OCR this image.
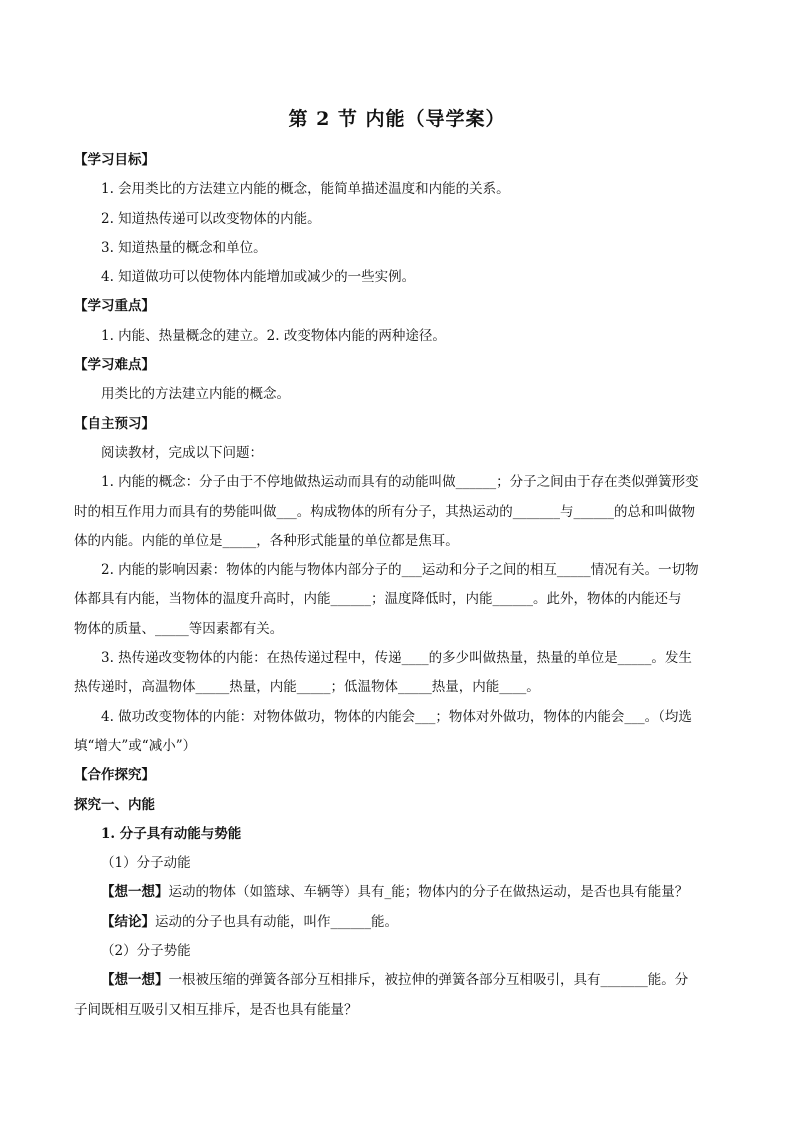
第 2 节 内能（导学案）

【学习目标】

1. 会用类比的方法建立内能的概念，能简单描述温度和内能的关系。

2. 知道热传递可以改变物体的内能。

3. 知道热量的概念和单位。

4. 知道做功可以使物体内能增加或减少的一些实例。

【学习重点】

1. 内能、热量概念的建立。2. 改变物体内能的两种途径。

【学习难点】

用类比的方法建立内能的概念。

【自主预习】

阅读教材，完成以下问题：

1. 内能的概念：分子由于不停地做热运动而具有的动能叫做______；分子之间由于存在类似弹簧形变

时的相互作用力而具有的势能叫做___。构成物体的所有分子，其热运动的_______与______的总和叫做物

体的内能。内能的单位是_____，各种形式能量的单位都是焦耳。

2. 内能的影响因素：物体的内能与物体内部分子的___运动和分子之间的相互_____情况有关。一切物

体都具有内能，当物体的温度升高时，内能______；温度降低时，内能______。此外，物体的内能还与

物体的质量、_____等因素都有关。

3. 热传递改变物体的内能：在热传递过程中，传递____的多少叫做热量，热量的单位是_____。发生

热传递时，高温物体_____热量，内能_____；低温物体_____热量，内能____。

4. 做功改变物体的内能：对物体做功，物体的内能会___；物体对外做功，物体的内能会___。（均选

填“增大”或“减小”）

【合作探究】

探究一、内能

1. 分子具有动能与势能

（1）分子动能

【想一想】运动的物体（如篮球、车辆等）具有_能；物体内的分子在做热运动，是否也具有能量？

【结论】运动的分子也具有动能，叫作______能。

（2）分子势能

【想一想】一根被压缩的弹簧各部分互相排斥，被拉伸的弹簧各部分互相吸引，具有_______能。分

子间既相互吸引又相互排斥，是否也具有能量？
